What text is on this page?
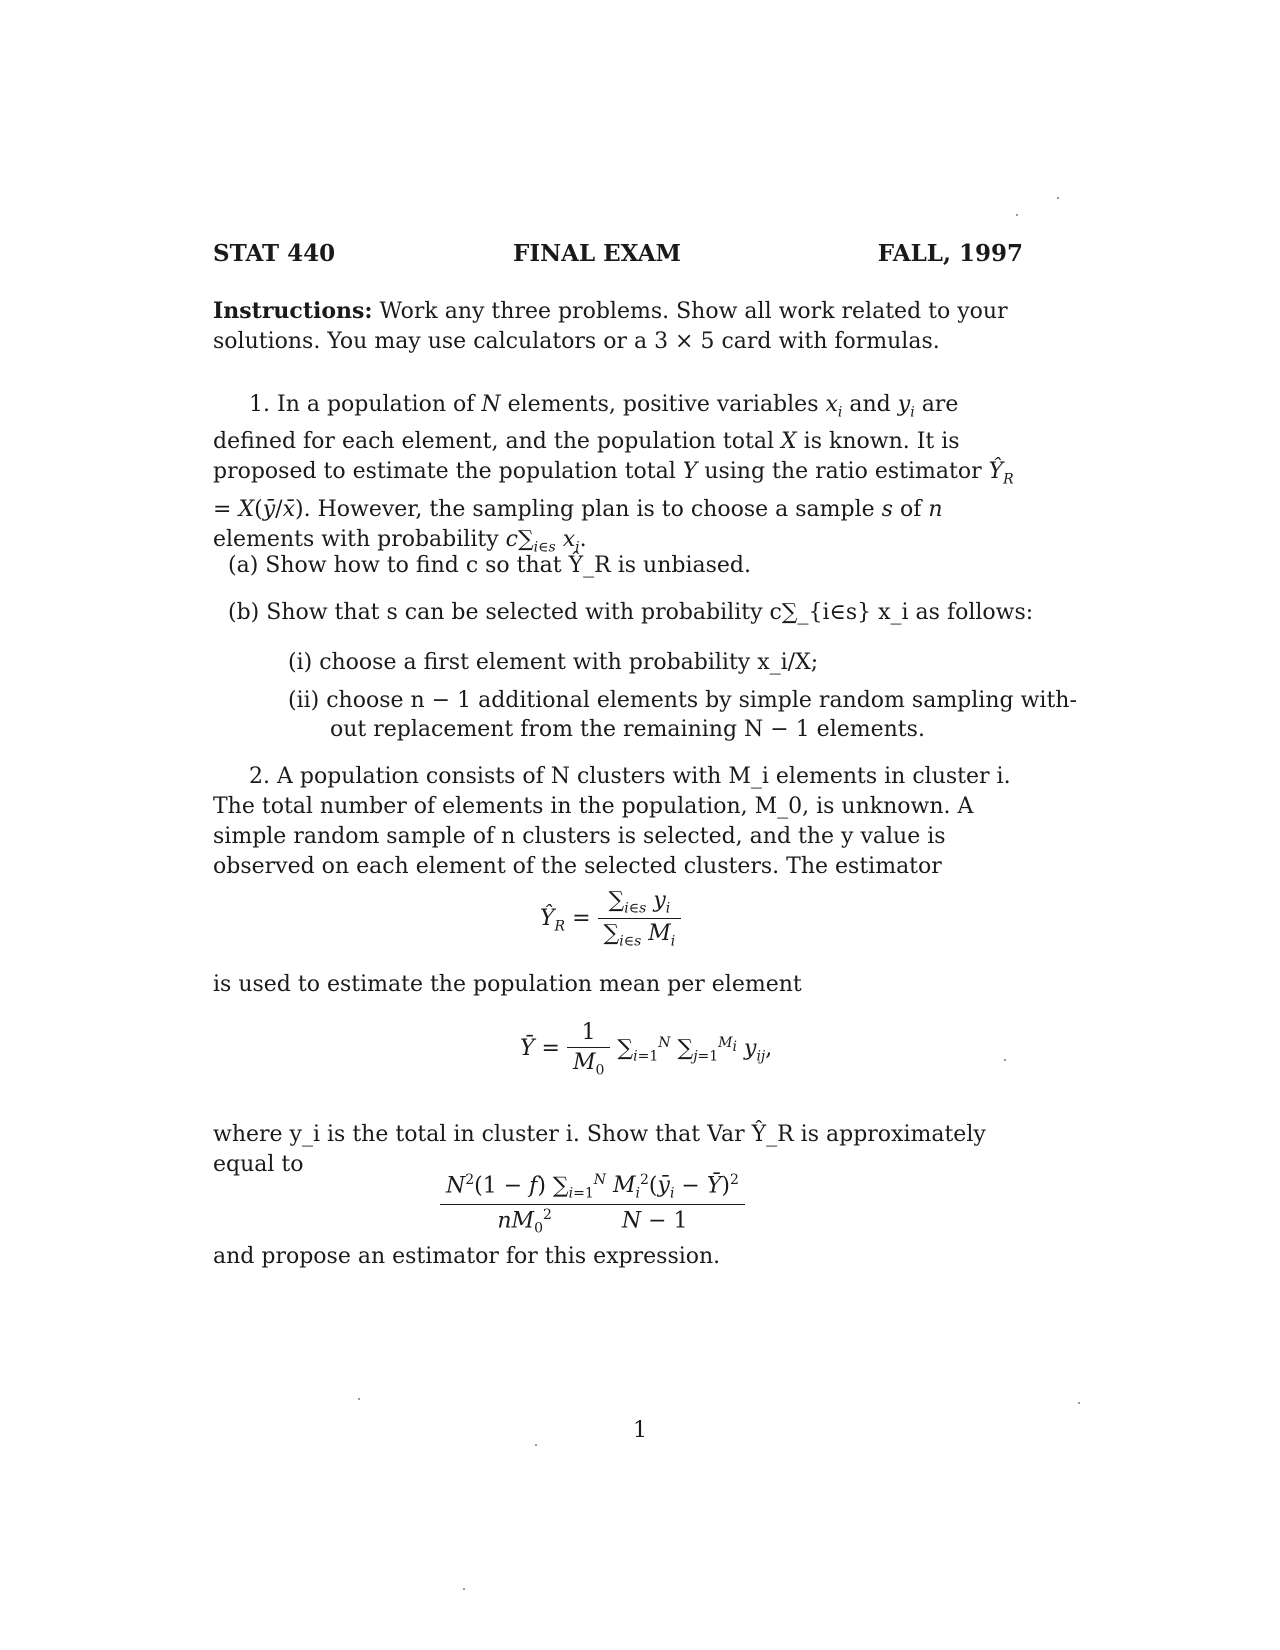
STAT 440	FINAL EXAM	FALL, 1997

Instructions: Work any three problems. Show all work related to your solutions. You may use calculators or a 3 × 5 card with formulas.

1. In a population of N elements, positive variables $x_i$ and $y_i$ are defined for each element, and the population total X is known. It is proposed to estimate the population total Y using the ratio estimator $Ŷ_R$ = X(ȳ/x̄). However, the sampling plan is to choose a sample s of n elements with probability $c\sum_{i\in s}$ $x_i$.

(a) Show how to find c so that Ŷ_R is unbiased.

(b) Show that s can be selected with probability c∑_{i∈s} x_i as follows:

(i) choose a first element with probability x_i/X;

(ii) choose n − 1 additional elements by simple random sampling with-

out replacement from the remaining N − 1 elements.

2. A population consists of N clusters with M_i elements in cluster i. The total number of elements in the population, M_0, is unknown. A simple random sample of n clusters is selected, and the y value is observed on each element of the selected clusters. The estimator

$Ŷ_R = \frac{\sum_{i\in s} y_i}{\sum_{i\in s} M_i}$

is used to estimate the population mean per element

Ȳ = $\frac{1}{M_0} \sum_{i=1}^N$ $\sum_{j=1}^{M_i}$ $y_{ij}$,

where y_i is the total in cluster i. Show that Var Ŷ_R is approximately equal to

$N^2(1 - f)$ $\sum_{i=1}^N$ $M_i^2(ȳ_i$ − Ȳ)$^2$
$nM_0^2$	N − 1

and propose an estimator for this expression.

1
